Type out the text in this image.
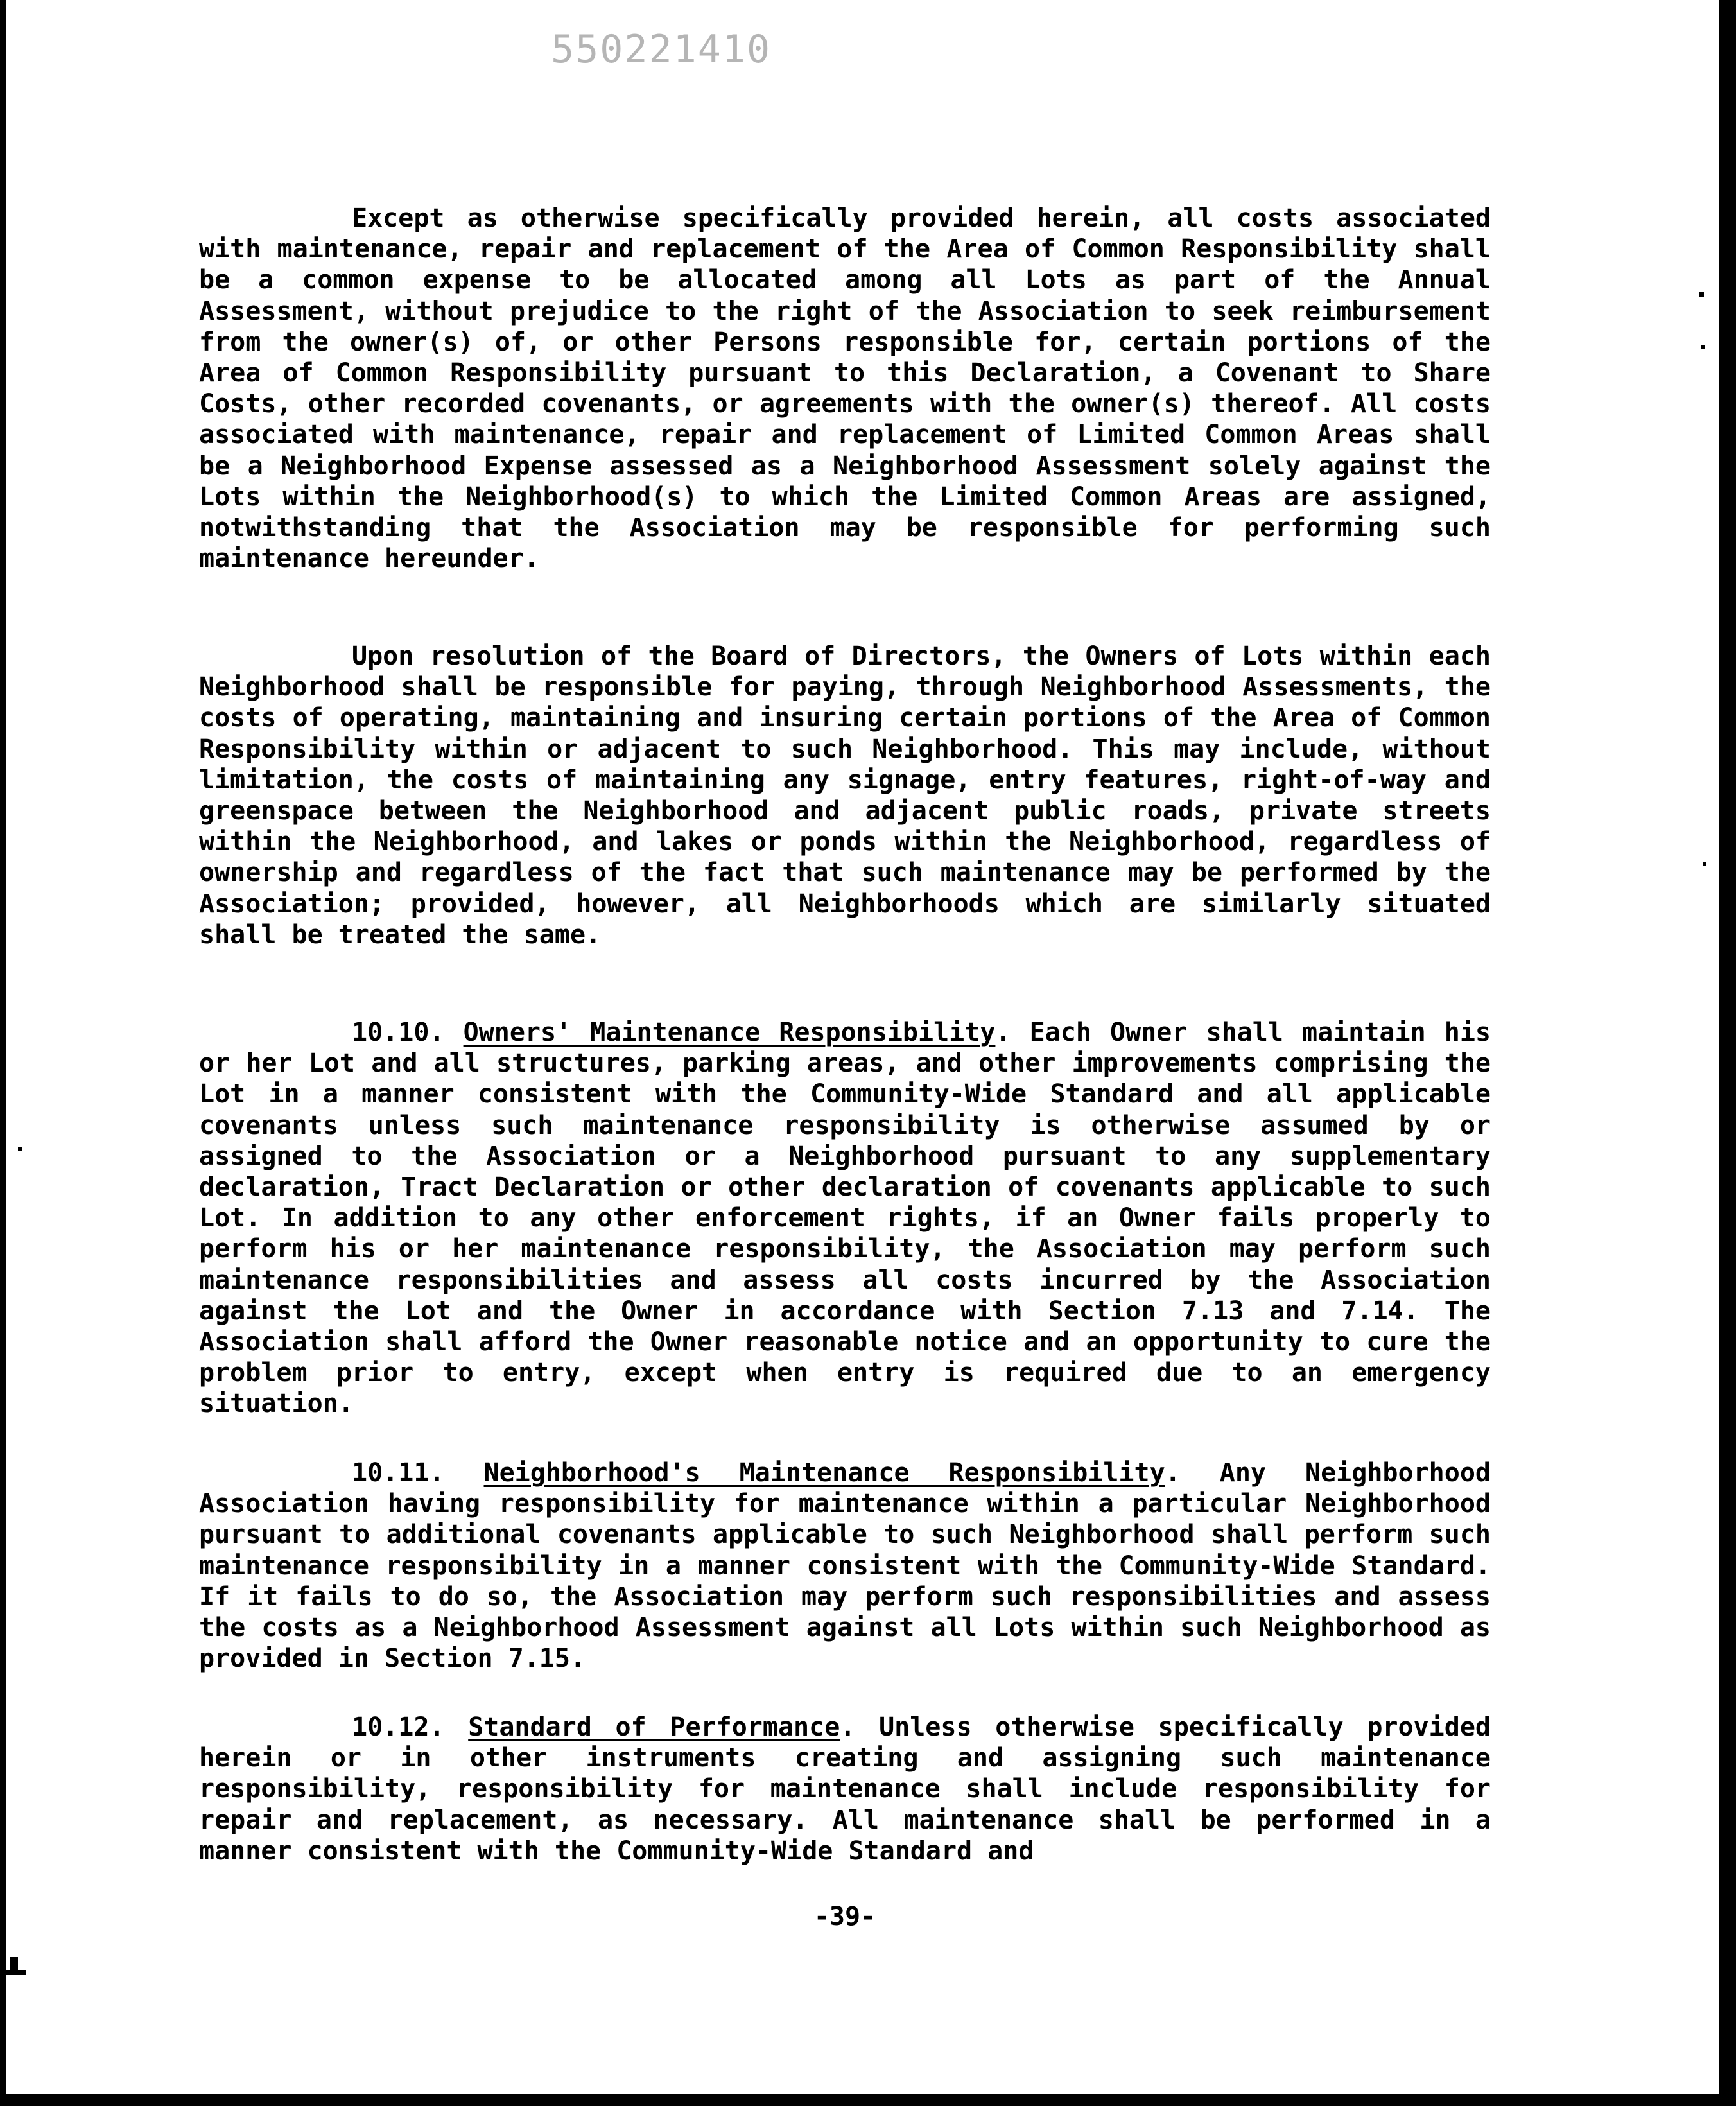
550221410

Except as otherwise specifically provided herein, all costs associated with maintenance, repair and replacement of the Area of Common Responsibility shall be a common expense to be allocated among all Lots as part of the Annual Assessment, without prejudice to the right of the Association to seek reimbursement from the owner(s) of, or other Persons responsible for, certain portions of the Area of Common Responsibility pursuant to this Declaration, a Covenant to Share Costs, other recorded covenants, or agreements with the owner(s) thereof. All costs associated with maintenance, repair and replacement of Limited Common Areas shall be a Neighborhood Expense assessed as a Neighborhood Assessment solely against the Lots within the Neighborhood(s) to which the Limited Common Areas are assigned, notwithstanding that the Association may be responsible for performing such maintenance hereunder.

Upon resolution of the Board of Directors, the Owners of Lots within each Neighborhood shall be responsible for paying, through Neighborhood Assessments, the costs of operating, maintaining and insuring certain portions of the Area of Common Responsibility within or adjacent to such Neighborhood. This may include, without limitation, the costs of maintaining any signage, entry features, right-of-way and greenspace between the Neighborhood and adjacent public roads, private streets within the Neighborhood, and lakes or ponds within the Neighborhood, regardless of ownership and regardless of the fact that such maintenance may be performed by the Association; provided, however, all Neighborhoods which are similarly situated shall be treated the same.

10.10. Owners' Maintenance Responsibility. Each Owner shall maintain his or her Lot and all structures, parking areas, and other improvements comprising the Lot in a manner consistent with the Community-Wide Standard and all applicable covenants unless such maintenance responsibility is otherwise assumed by or assigned to the Association or a Neighborhood pursuant to any supplementary declaration, Tract Declaration or other declaration of covenants applicable to such Lot. In addition to any other enforcement rights, if an Owner fails properly to perform his or her maintenance responsibility, the Association may perform such maintenance responsibilities and assess all costs incurred by the Association against the Lot and the Owner in accordance with Section 7.13 and 7.14. The Association shall afford the Owner reasonable notice and an opportunity to cure the problem prior to entry, except when entry is required due to an emergency situation.

10.11. Neighborhood's Maintenance Responsibility. Any Neighborhood Association having responsibility for maintenance within a particular Neighborhood pursuant to additional covenants applicable to such Neighborhood shall perform such maintenance responsibility in a manner consistent with the Community-Wide Standard. If it fails to do so, the Association may perform such responsibilities and assess the costs as a Neighborhood Assessment against all Lots within such Neighborhood as provided in Section 7.15.

10.12. Standard of Performance. Unless otherwise specifically provided herein or in other instruments creating and assigning such maintenance responsibility, responsibility for maintenance shall include responsibility for repair and replacement, as necessary. All maintenance shall be performed in a manner consistent with the Community-Wide Standard and

-39-
